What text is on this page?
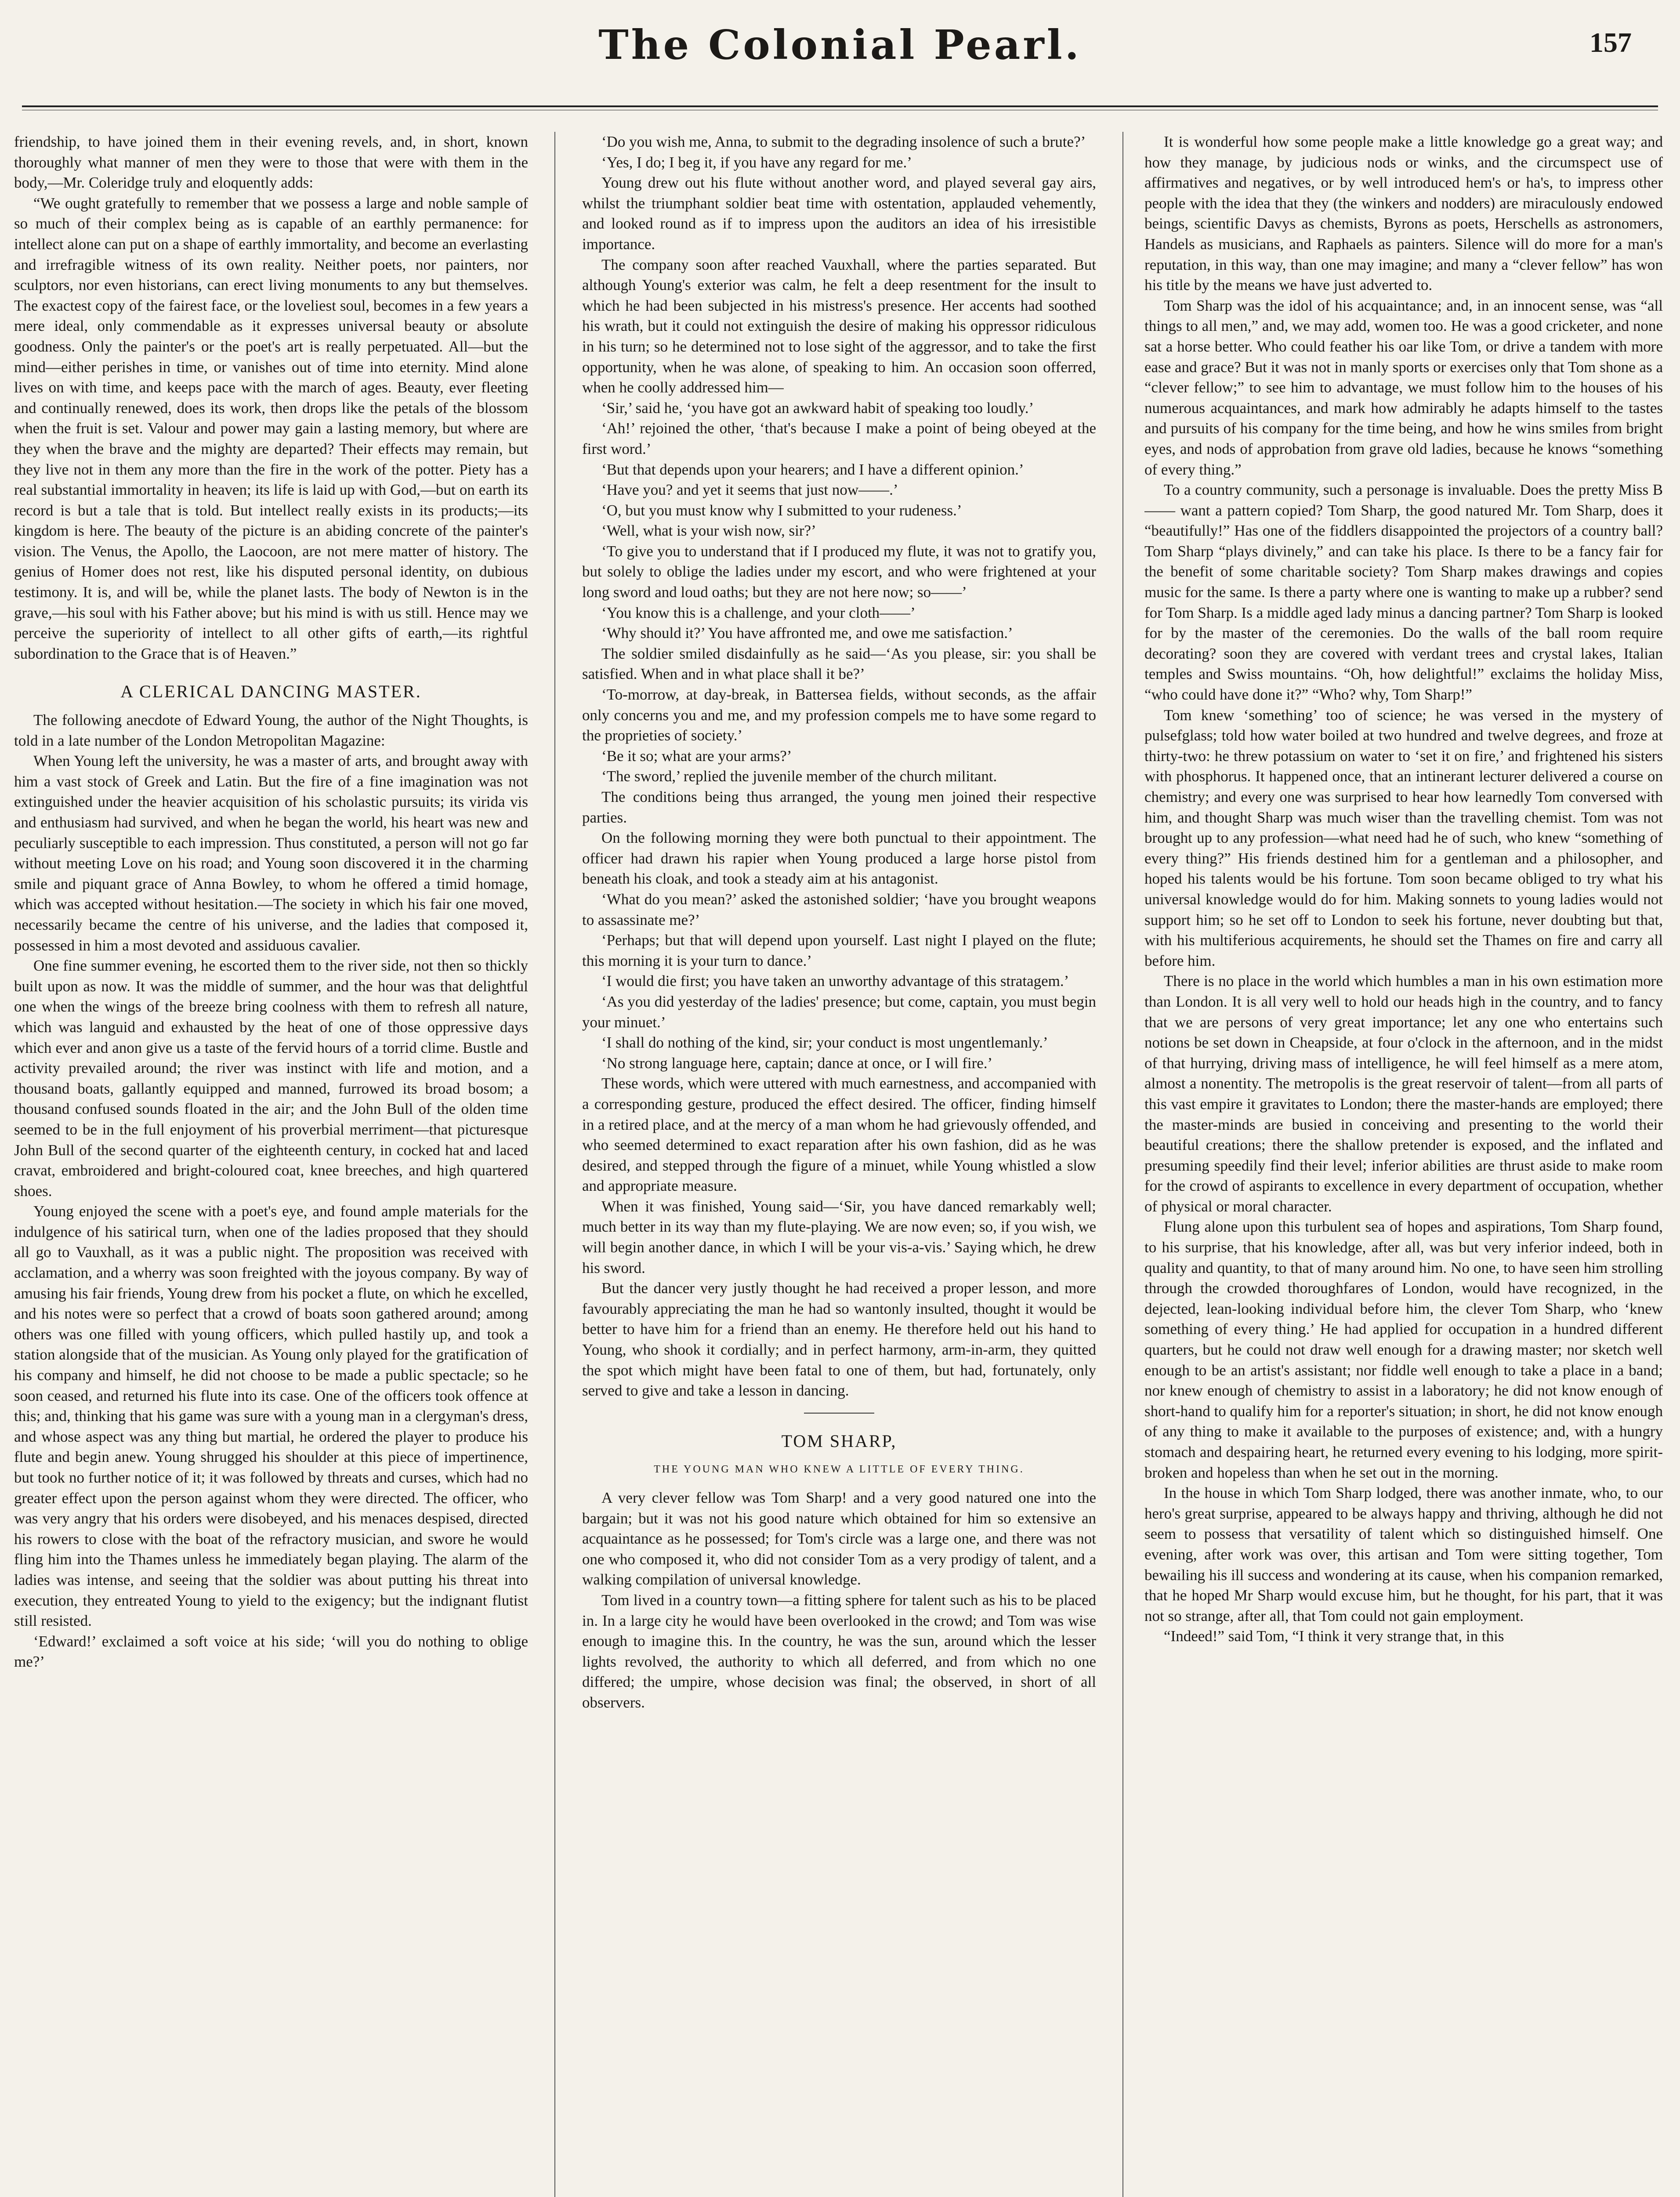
The Colonial Pearl.	157

friendship, to have joined them in their evening revels, and, in short, known thoroughly what manner of men they were to those that were with them in the body,—Mr. Coleridge truly and eloquently adds:

“We ought gratefully to remember that we possess a large and noble sample of so much of their complex being as is capable of an earthly permanence: for intellect alone can put on a shape of earthly immortality, and become an everlasting and irrefragible witness of its own reality. Neither poets, nor painters, nor sculptors, nor even historians, can erect living monuments to any but themselves. The exactest copy of the fairest face, or the loveliest soul, becomes in a few years a mere ideal, only commendable as it expresses universal beauty or absolute goodness. Only the painter's or the poet's art is really perpetuated. All—but the mind—either perishes in time, or vanishes out of time into eternity. Mind alone lives on with time, and keeps pace with the march of ages. Beauty, ever fleeting and continually renewed, does its work, then drops like the petals of the blossom when the fruit is set. Valour and power may gain a lasting memory, but where are they when the brave and the mighty are departed? Their effects may remain, but they live not in them any more than the fire in the work of the potter. Piety has a real substantial immortality in heaven; its life is laid up with God,—but on earth its record is but a tale that is told. But intellect really exists in its products;—its kingdom is here. The beauty of the picture is an abiding concrete of the painter's vision. The Venus, the Apollo, the Laocoon, are not mere matter of history. The genius of Homer does not rest, like his disputed personal identity, on dubious testimony. It is, and will be, while the planet lasts. The body of Newton is in the grave,—his soul with his Father above; but his mind is with us still. Hence may we perceive the superiority of intellect to all other gifts of earth,—its rightful subordination to the Grace that is of Heaven.”

A CLERICAL DANCING MASTER.

The following anecdote of Edward Young, the author of the Night Thoughts, is told in a late number of the London Metropolitan Magazine:

When Young left the university, he was a master of arts, and brought away with him a vast stock of Greek and Latin. But the fire of a fine imagination was not extinguished under the heavier acquisition of his scholastic pursuits; its virida vis and enthusiasm had survived, and when he began the world, his heart was new and peculiarly susceptible to each impression. Thus constituted, a person will not go far without meeting Love on his road; and Young soon discovered it in the charming smile and piquant grace of Anna Bowley, to whom he offered a timid homage, which was accepted without hesitation.—The society in which his fair one moved, necessarily became the centre of his universe, and the ladies that composed it, possessed in him a most devoted and assiduous cavalier.

One fine summer evening, he escorted them to the river side, not then so thickly built upon as now. It was the middle of summer, and the hour was that delightful one when the wings of the breeze bring coolness with them to refresh all nature, which was languid and exhausted by the heat of one of those oppressive days which ever and anon give us a taste of the fervid hours of a torrid clime. Bustle and activity prevailed around; the river was instinct with life and motion, and a thousand boats, gallantly equipped and manned, furrowed its broad bosom; a thousand confused sounds floated in the air; and the John Bull of the olden time seemed to be in the full enjoyment of his proverbial merriment—that picturesque John Bull of the second quarter of the eighteenth century, in cocked hat and laced cravat, embroidered and bright-coloured coat, knee breeches, and high quartered shoes.

Young enjoyed the scene with a poet's eye, and found ample materials for the indulgence of his satirical turn, when one of the ladies proposed that they should all go to Vauxhall, as it was a public night. The proposition was received with acclamation, and a wherry was soon freighted with the joyous company. By way of amusing his fair friends, Young drew from his pocket a flute, on which he excelled, and his notes were so perfect that a crowd of boats soon gathered around; among others was one filled with young officers, which pulled hastily up, and took a station alongside that of the musician. As Young only played for the gratification of his company and himself, he did not choose to be made a public spectacle; so he soon ceased, and returned his flute into its case. One of the officers took offence at this; and, thinking that his game was sure with a young man in a clergyman's dress, and whose aspect was any thing but martial, he ordered the player to produce his flute and begin anew. Young shrugged his shoulder at this piece of impertinence, but took no further notice of it; it was followed by threats and curses, which had no greater effect upon the person against whom they were directed. The officer, who was very angry that his orders were disobeyed, and his menaces despised, directed his rowers to close with the boat of the refractory musician, and swore he would fling him into the Thames unless he immediately began playing. The alarm of the ladies was intense, and seeing that the soldier was about putting his threat into execution, they entreated Young to yield to the exigency; but the indignant flutist still resisted.

‘Edward!’ exclaimed a soft voice at his side; ‘will you do nothing to oblige me?’

‘Do you wish me, Anna, to submit to the degrading insolence of such a brute?’

‘Yes, I do; I beg it, if you have any regard for me.’

Young drew out his flute without another word, and played several gay airs, whilst the triumphant soldier beat time with ostentation, applauded vehemently, and looked round as if to impress upon the auditors an idea of his irresistible importance.

The company soon after reached Vauxhall, where the parties separated. But although Young's exterior was calm, he felt a deep resentment for the insult to which he had been subjected in his mistress's presence. Her accents had soothed his wrath, but it could not extinguish the desire of making his oppressor ridiculous in his turn; so he determined not to lose sight of the aggressor, and to take the first opportunity, when he was alone, of speaking to him. An occasion soon offerred, when he coolly addressed him—

‘Sir,’ said he, ‘you have got an awkward habit of speaking too loudly.’

‘Ah!’ rejoined the other, ‘that's because I make a point of being obeyed at the first word.’

‘But that depends upon your hearers; and I have a different opinion.’

‘Have you? and yet it seems that just now——.’

‘O, but you must know why I submitted to your rudeness.’

‘Well, what is your wish now, sir?’

‘To give you to understand that if I produced my flute, it was not to gratify you, but solely to oblige the ladies under my escort, and who were frightened at your long sword and loud oaths; but they are not here now; so——’

‘You know this is a challenge, and your cloth——’

‘Why should it?’ You have affronted me, and owe me satisfaction.’

The soldier smiled disdainfully as he said—‘As you please, sir: you shall be satisfied. When and in what place shall it be?’

‘To-morrow, at day-break, in Battersea fields, without seconds, as the affair only concerns you and me, and my profession compels me to have some regard to the proprieties of society.’

‘Be it so; what are your arms?’

‘The sword,’ replied the juvenile member of the church militant.

The conditions being thus arranged, the young men joined their respective parties.

On the following morning they were both punctual to their appointment. The officer had drawn his rapier when Young produced a large horse pistol from beneath his cloak, and took a steady aim at his antagonist.

‘What do you mean?’ asked the astonished soldier; ‘have you brought weapons to assassinate me?’

‘Perhaps; but that will depend upon yourself. Last night I played on the flute; this morning it is your turn to dance.’

‘I would die first; you have taken an unworthy advantage of this stratagem.’

‘As you did yesterday of the ladies' presence; but come, captain, you must begin your minuet.’

‘I shall do nothing of the kind, sir; your conduct is most ungentlemanly.’

‘No strong language here, captain; dance at once, or I will fire.’

These words, which were uttered with much earnestness, and accompanied with a corresponding gesture, produced the effect desired. The officer, finding himself in a retired place, and at the mercy of a man whom he had grievously offended, and who seemed determined to exact reparation after his own fashion, did as he was desired, and stepped through the figure of a minuet, while Young whistled a slow and appropriate measure.

When it was finished, Young said—‘Sir, you have danced remarkably well; much better in its way than my flute-playing. We are now even; so, if you wish, we will begin another dance, in which I will be your vis-a-vis.’ Saying which, he drew his sword.

But the dancer very justly thought he had received a proper lesson, and more favourably appreciating the man he had so wantonly insulted, thought it would be better to have him for a friend than an enemy. He therefore held out his hand to Young, who shook it cordially; and in perfect harmony, arm-in-arm, they quitted the spot which might have been fatal to one of them, but had, fortunately, only served to give and take a lesson in dancing.

TOM SHARP,
THE YOUNG MAN WHO KNEW A LITTLE OF EVERY THING.

A very clever fellow was Tom Sharp! and a very good natured one into the bargain; but it was not his good nature which obtained for him so extensive an acquaintance as he possessed; for Tom's circle was a large one, and there was not one who composed it, who did not consider Tom as a very prodigy of talent, and a walking compilation of universal knowledge.

Tom lived in a country town—a fitting sphere for talent such as his to be placed in. In a large city he would have been overlooked in the crowd; and Tom was wise enough to imagine this. In the country, he was the sun, around which the lesser lights revolved, the authority to which all deferred, and from which no one differed; the umpire, whose decision was final; the observed, in short of all observers.

It is wonderful how some people make a little knowledge go a great way; and how they manage, by judicious nods or winks, and the circumspect use of affirmatives and negatives, or by well introduced hem's or ha's, to impress other people with the idea that they (the winkers and nodders) are miraculously endowed beings, scientific Davys as chemists, Byrons as poets, Herschells as astronomers, Handels as musicians, and Raphaels as painters. Silence will do more for a man's reputation, in this way, than one may imagine; and many a “clever fellow” has won his title by the means we have just adverted to.

Tom Sharp was the idol of his acquaintance; and, in an innocent sense, was “all things to all men,” and, we may add, women too. He was a good cricketer, and none sat a horse better. Who could feather his oar like Tom, or drive a tandem with more ease and grace? But it was not in manly sports or exercises only that Tom shone as a “clever fellow;” to see him to advantage, we must follow him to the houses of his numerous acquaintances, and mark how admirably he adapts himself to the tastes and pursuits of his company for the time being, and how he wins smiles from bright eyes, and nods of approbation from grave old ladies, because he knows “something of every thing.”

To a country community, such a personage is invaluable. Does the pretty Miss B—— want a pattern copied? Tom Sharp, the good natured Mr. Tom Sharp, does it “beautifully!” Has one of the fiddlers disappointed the projectors of a country ball? Tom Sharp “plays divinely,” and can take his place. Is there to be a fancy fair for the benefit of some charitable society? Tom Sharp makes drawings and copies music for the same. Is there a party where one is wanting to make up a rubber? send for Tom Sharp. Is a middle aged lady minus a dancing partner? Tom Sharp is looked for by the master of the ceremonies. Do the walls of the ball room require decorating? soon they are covered with verdant trees and crystal lakes, Italian temples and Swiss mountains. “Oh, how delightful!” exclaims the holiday Miss, “who could have done it?” “Who? why, Tom Sharp!”

Tom knew ‘something’ too of science; he was versed in the mystery of pulsefglass; told how water boiled at two hundred and twelve degrees, and froze at thirty-two: he threw potassium on water to ‘set it on fire,’ and frightened his sisters with phosphorus. It happened once, that an intinerant lecturer delivered a course on chemistry; and every one was surprised to hear how learnedly Tom conversed with him, and thought Sharp was much wiser than the travelling chemist. Tom was not brought up to any profession—what need had he of such, who knew “something of every thing?” His friends destined him for a gentleman and a philosopher, and hoped his talents would be his fortune. Tom soon became obliged to try what his universal knowledge would do for him. Making sonnets to young ladies would not support him; so he set off to London to seek his fortune, never doubting but that, with his multiferious acquirements, he should set the Thames on fire and carry all before him.

There is no place in the world which humbles a man in his own estimation more than London. It is all very well to hold our heads high in the country, and to fancy that we are persons of very great importance; let any one who entertains such notions be set down in Cheapside, at four o'clock in the afternoon, and in the midst of that hurrying, driving mass of intelligence, he will feel himself as a mere atom, almost a nonentity. The metropolis is the great reservoir of talent—from all parts of this vast empire it gravitates to London; there the master-hands are employed; there the master-minds are busied in conceiving and presenting to the world their beautiful creations; there the shallow pretender is exposed, and the inflated and presuming speedily find their level; inferior abilities are thrust aside to make room for the crowd of aspirants to excellence in every department of occupation, whether of physical or moral character.

Flung alone upon this turbulent sea of hopes and aspirations, Tom Sharp found, to his surprise, that his knowledge, after all, was but very inferior indeed, both in quality and quantity, to that of many around him. No one, to have seen him strolling through the crowded thoroughfares of London, would have recognized, in the dejected, lean-looking individual before him, the clever Tom Sharp, who ‘knew something of every thing.’ He had applied for occupation in a hundred different quarters, but he could not draw well enough for a drawing master; nor sketch well enough to be an artist's assistant; nor fiddle well enough to take a place in a band; nor knew enough of chemistry to assist in a laboratory; he did not know enough of short-hand to qualify him for a reporter's situation; in short, he did not know enough of any thing to make it available to the purposes of existence; and, with a hungry stomach and despairing heart, he returned every evening to his lodging, more spirit-broken and hopeless than when he set out in the morning.

In the house in which Tom Sharp lodged, there was another inmate, who, to our hero's great surprise, appeared to be always happy and thriving, although he did not seem to possess that versatility of talent which so distinguished himself. One evening, after work was over, this artisan and Tom were sitting together, Tom bewailing his ill success and wondering at its cause, when his companion remarked, that he hoped Mr Sharp would excuse him, but he thought, for his part, that it was not so strange, after all, that Tom could not gain employment.

“Indeed!” said Tom, “I think it very strange that, in this
